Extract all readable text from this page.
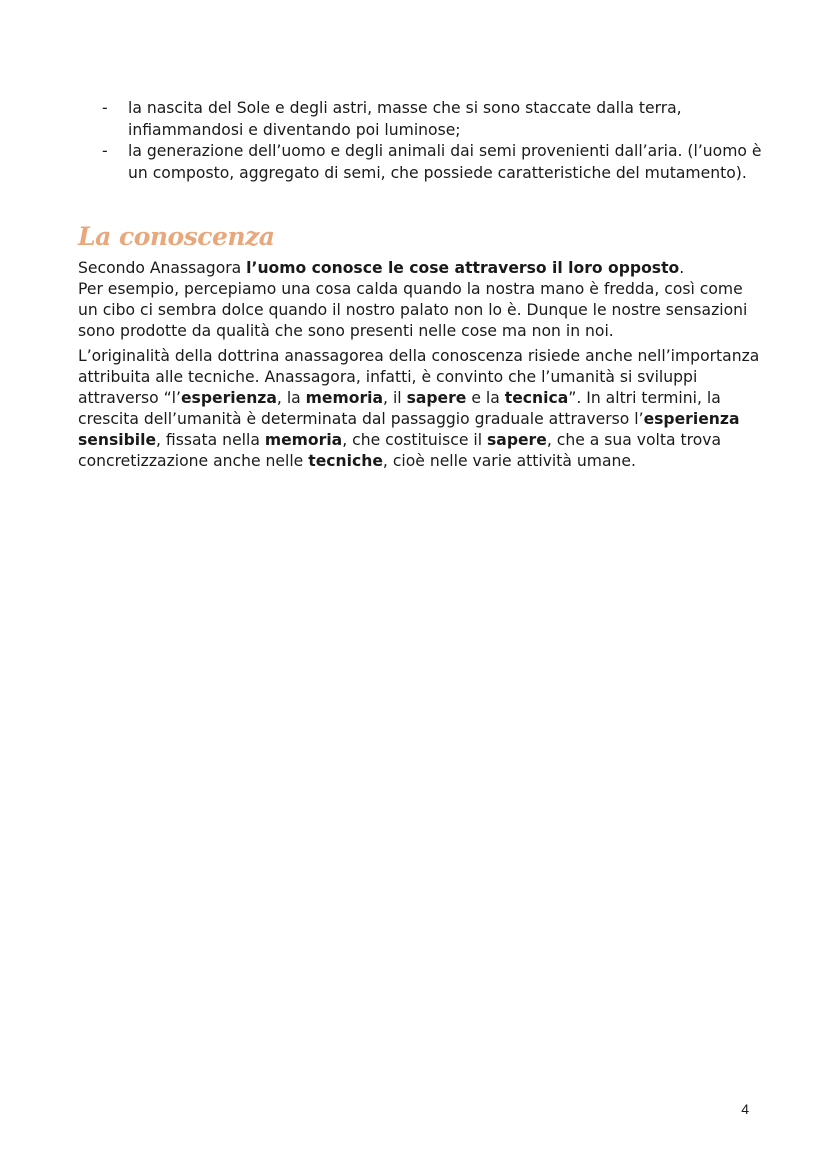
- la nascita del Sole e degli astri, masse che si sono staccate dalla terra, infiammandosi e diventando poi luminose;
- la generazione dell’uomo e degli animali dai semi provenienti dall’aria. (l’uomo è un composto, aggregato di semi, che possiede caratteristiche del mutamento).
La conoscenza

Secondo Anassagora l’uomo conosce le cose attraverso il loro opposto.
Per esempio, percepiamo una cosa calda quando la nostra mano è fredda, così come un cibo ci sembra dolce quando il nostro palato non lo è. Dunque le nostre sensazioni sono prodotte da qualità che sono presenti nelle cose ma non in noi.

L’originalità della dottrina anassagorea della conoscenza risiede anche nell’importanza attribuita alle tecniche. Anassagora, infatti, è convinto che l’umanità si sviluppi attraverso “l’esperienza, la memoria, il sapere e la tecnica”. In altri termini, la crescita dell’umanità è determinata dal passaggio graduale attraverso l’esperienza sensibile, fissata nella memoria, che costituisce il sapere, che a sua volta trova concretizzazione anche nelle tecniche, cioè nelle varie attività umane.

4
